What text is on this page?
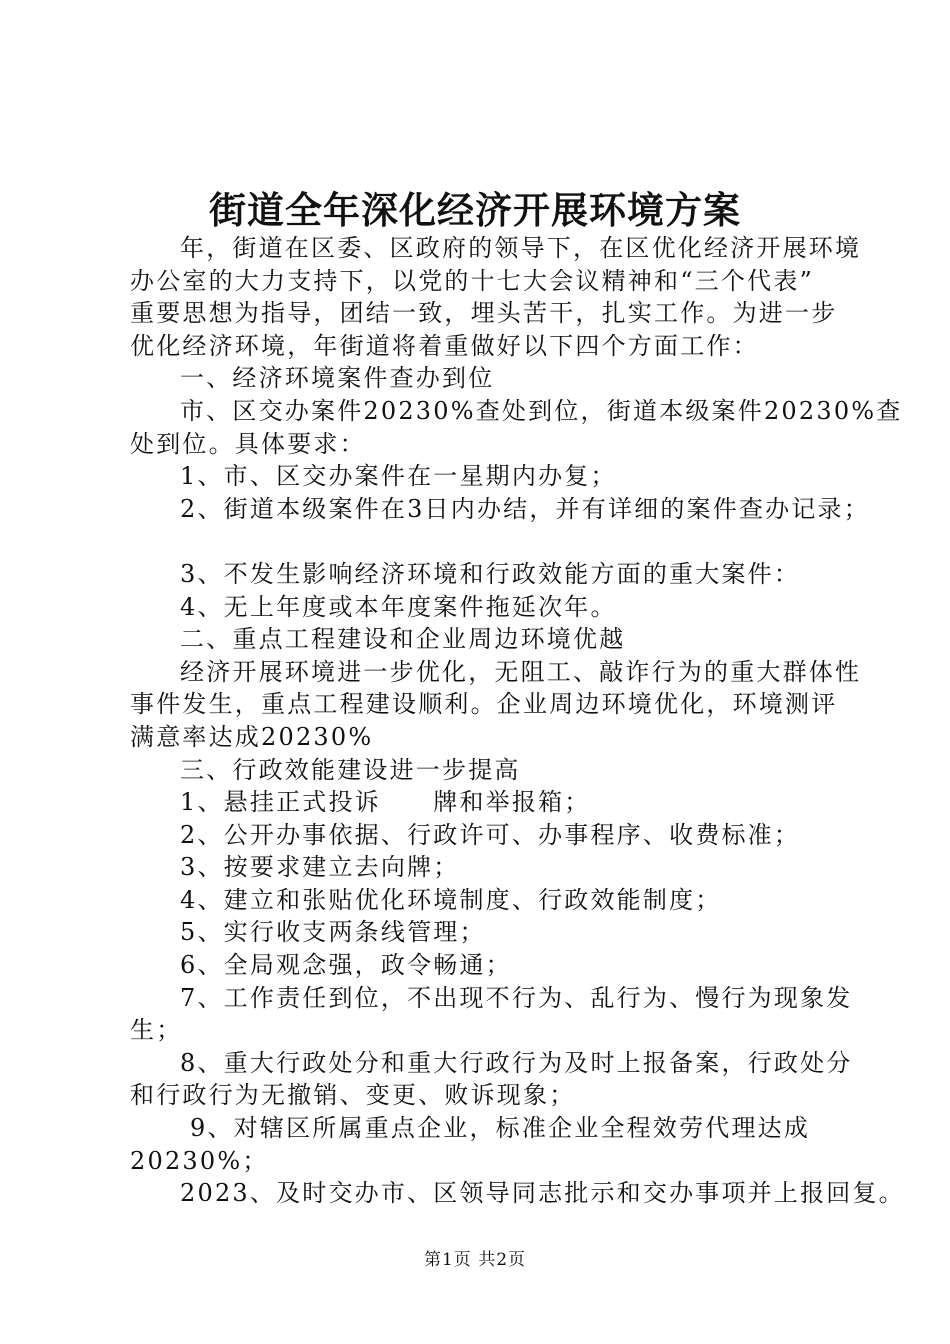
街道全年深化经济开展环境方案
年，街道在区委、区政府的领导下，在区优化经济开展环境
办公室的大力支持下，以党的十七大会议精神和“三个代表”
重要思想为指导，团结一致，埋头苦干，扎实工作。为进一步
优化经济环境，年街道将着重做好以下四个方面工作：
一、经济环境案件查办到位
市、区交办案件20230%查处到位，街道本级案件20230%查
处到位。具体要求：
1、市、区交办案件在一星期内办复；
2、街道本级案件在3日内办结，并有详细的案件查办记录；
3、不发生影响经济环境和行政效能方面的重大案件：
4、无上年度或本年度案件拖延次年。
二、重点工程建设和企业周边环境优越
经济开展环境进一步优化，无阻工、敲诈行为的重大群体性
事件发生，重点工程建设顺利。企业周边环境优化，环境测评
满意率达成20230%
三、行政效能建设进一步提高
1、悬挂正式投诉　　牌和举报箱；
2、公开办事依据、行政许可、办事程序、收费标准；
3、按要求建立去向牌；
4、建立和张贴优化环境制度、行政效能制度；
5、实行收支两条线管理；
6、全局观念强，政令畅通；
7、工作责任到位，不出现不行为、乱行为、慢行为现象发
生；
8、重大行政处分和重大行政行为及时上报备案，行政处分
和行政行为无撤销、变更、败诉现象；
9、对辖区所属重点企业，标准企业全程效劳代理达成
20230%；
2023、及时交办市、区领导同志批示和交办事项并上报回复。
第1页 共2页
